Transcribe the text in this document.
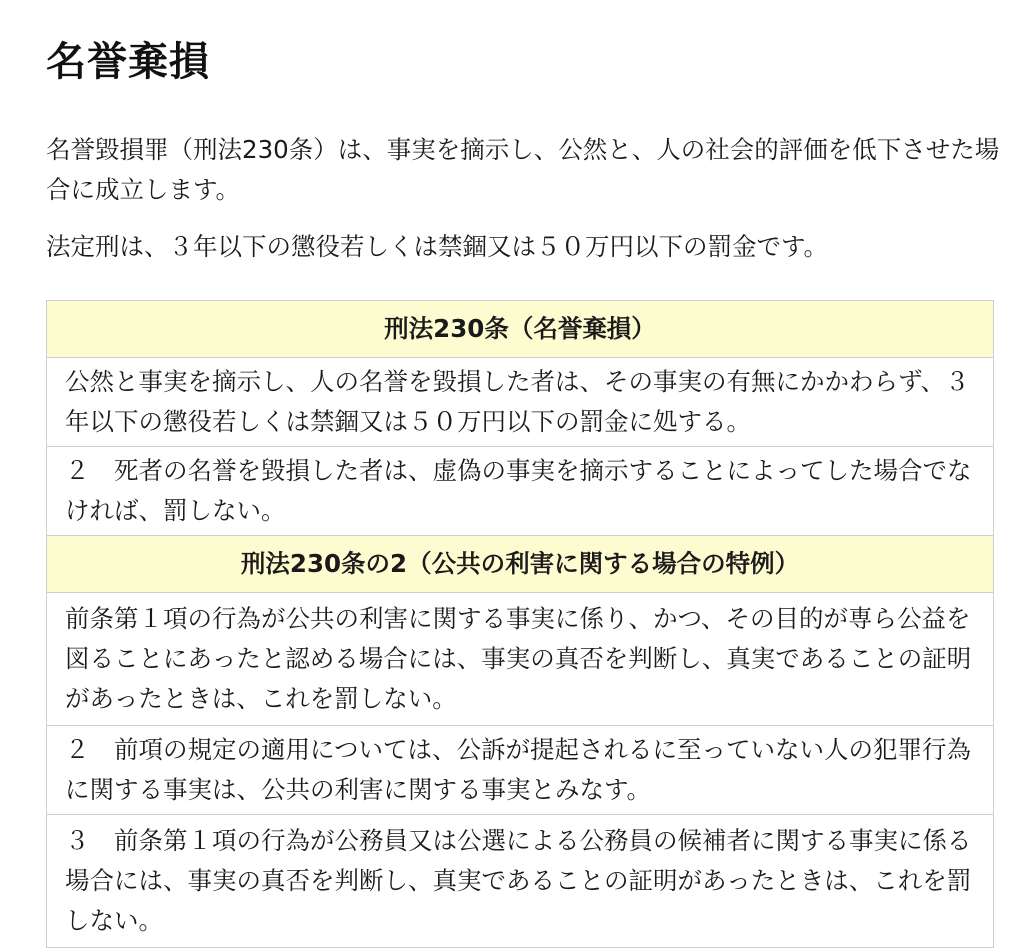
名誉棄損

名誉毀損罪（刑法230条）は、事実を摘示し、公然と、人の社会的評価を低下させた場合に成立します。

法定刑は、３年以下の懲役若しくは禁錮又は５０万円以下の罰金です。

刑法230条（名誉棄損）
公然と事実を摘示し、人の名誉を毀損した者は、その事実の有無にかかわらず、３年以下の懲役若しくは禁錮又は５０万円以下の罰金に処する。
２　死者の名誉を毀損した者は、虚偽の事実を摘示することによってした場合でなければ、罰しない。
刑法230条の2（公共の利害に関する場合の特例）
前条第１項の行為が公共の利害に関する事実に係り、かつ、その目的が専ら公益を図ることにあったと認める場合には、事実の真否を判断し、真実であることの証明があったときは、これを罰しない。
２　前項の規定の適用については、公訴が提起されるに至っていない人の犯罪行為に関する事実は、公共の利害に関する事実とみなす。
３　前条第１項の行為が公務員又は公選による公務員の候補者に関する事実に係る場合には、事実の真否を判断し、真実であることの証明があったときは、これを罰しない。
